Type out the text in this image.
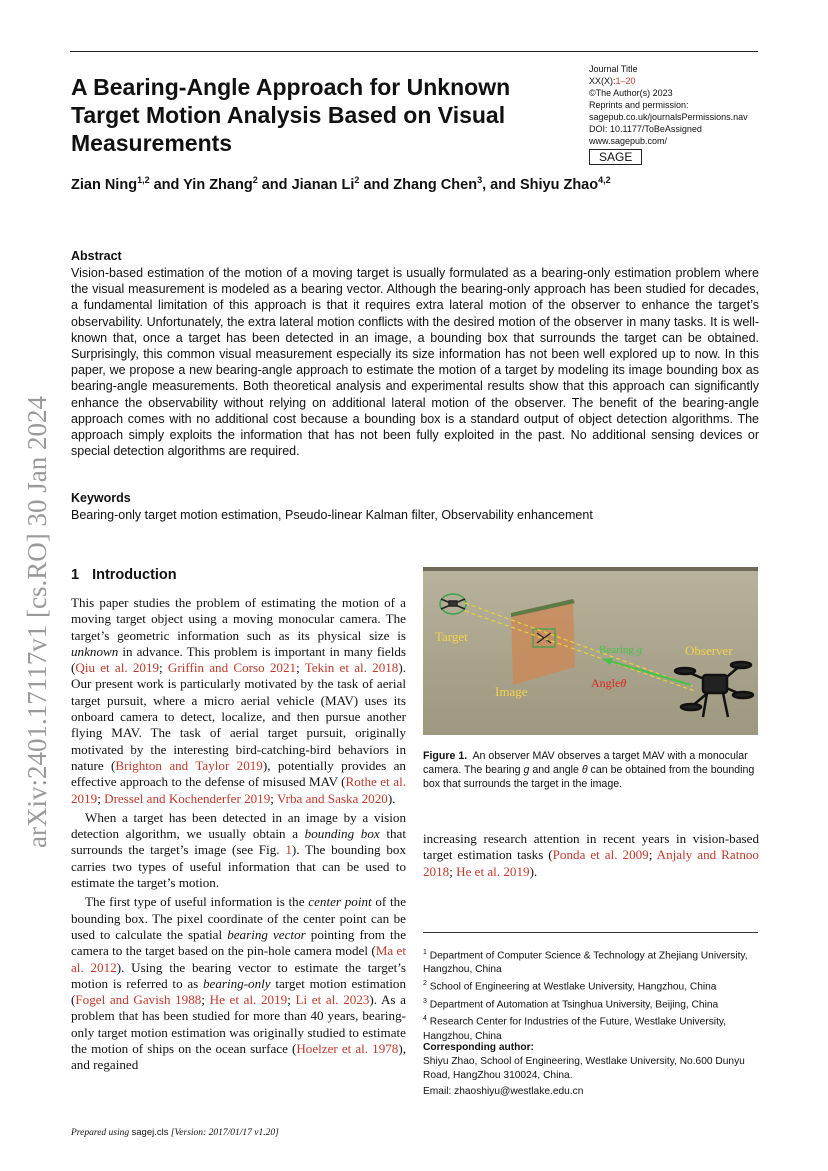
A Bearing-Angle Approach for Unknown Target Motion Analysis Based on Visual Measurements
Journal Title
XX(X):1–20
©The Author(s) 2023
Reprints and permission:
sagepub.co.uk/journalsPermissions.nav
DOI: 10.1177/ToBeAssigned
www.sagepub.com/
SAGE
Zian Ning$^{1,2}$ and Yin Zhang$^2$ and Jianan Li$^2$ and Zhang Chen$^3$, and Shiyu Zhao$^{4,2}$
arXiv:2401.17117v1 [cs.RO] 30 Jan 2024
Abstract
Vision-based estimation of the motion of a moving target is usually formulated as a bearing-only estimation problem where the visual measurement is modeled as a bearing vector. Although the bearing-only approach has been studied for decades, a fundamental limitation of this approach is that it requires extra lateral motion of the observer to enhance the target’s observability. Unfortunately, the extra lateral motion conflicts with the desired motion of the observer in many tasks. It is well-known that, once a target has been detected in an image, a bounding box that surrounds the target can be obtained. Surprisingly, this common visual measurement especially its size information has not been well explored up to now. In this paper, we propose a new bearing-angle approach to estimate the motion of a target by modeling its image bounding box as bearing-angle measurements. Both theoretical analysis and experimental results show that this approach can significantly enhance the observability without relying on additional lateral motion of the observer. The benefit of the bearing-angle approach comes with no additional cost because a bounding box is a standard output of object detection algorithms. The approach simply exploits the information that has not been fully exploited in the past. No additional sensing devices or special detection algorithms are required.
Keywords
Bearing-only target motion estimation, Pseudo-linear Kalman filter, Observability enhancement
1 Introduction

This paper studies the problem of estimating the motion of a moving target object using a moving monocular camera. The target’s geometric information such as its physical size is unknown in advance. This problem is important in many fields (Qiu et al. 2019; Griffin and Corso 2021; Tekin et al. 2018). Our present work is particularly motivated by the task of aerial target pursuit, where a micro aerial vehicle (MAV) uses its onboard camera to detect, localize, and then pursue another flying MAV. The task of aerial target pursuit, originally motivated by the interesting bird-catching-bird behaviors in nature (Brighton and Taylor 2019), potentially provides an effective approach to the defense of misused MAV (Rothe et al. 2019; Dressel and Kochenderfer 2019; Vrba and Saska 2020).

When a target has been detected in an image by a vision detection algorithm, we usually obtain a bounding box that surrounds the target’s image (see Fig. 1). The bounding box carries two types of useful information that can be used to estimate the target’s motion.

The first type of useful information is the center point of the bounding box. The pixel coordinate of the center point can be used to calculate the spatial bearing vector pointing from the camera to the target based on the pin-hole camera model (Ma et al. 2012). Using the bearing vector to estimate the target’s motion is referred to as bearing-only target motion estimation (Fogel and Gavish 1988; He et al. 2019; Li et al. 2023). As a problem that has been studied for more than 40 years, bearing-only target motion estimation was originally studied to estimate the motion of ships on the ocean surface (Hoelzer et al. 1978), and regained

Target
Image
Bearing g
Angleθ
Observer
Figure 1. An observer MAV observes a target MAV with a monocular camera. The bearing g and angle θ can be obtained from the bounding box that surrounds the target in the image.
increasing research attention in recent years in vision-based target estimation tasks (Ponda et al. 2009; Anjaly and Ratnoo 2018; He et al. 2019).
$^1$ Department of Computer Science & Technology at Zhejiang University, Hangzhou, China
$^2$ School of Engineering at Westlake University, Hangzhou, China
$^3$ Department of Automation at Tsinghua University, Beijing, China
$^4$ Research Center for Industries of the Future, Westlake University, Hangzhou, China
Corresponding author:
Shiyu Zhao, School of Engineering, Westlake University, No.600 Dunyu Road, HangZhou 310024, China.
Email: zhaoshiyu@westlake.edu.cn
Prepared using sagej.cls [Version: 2017/01/17 v1.20]
